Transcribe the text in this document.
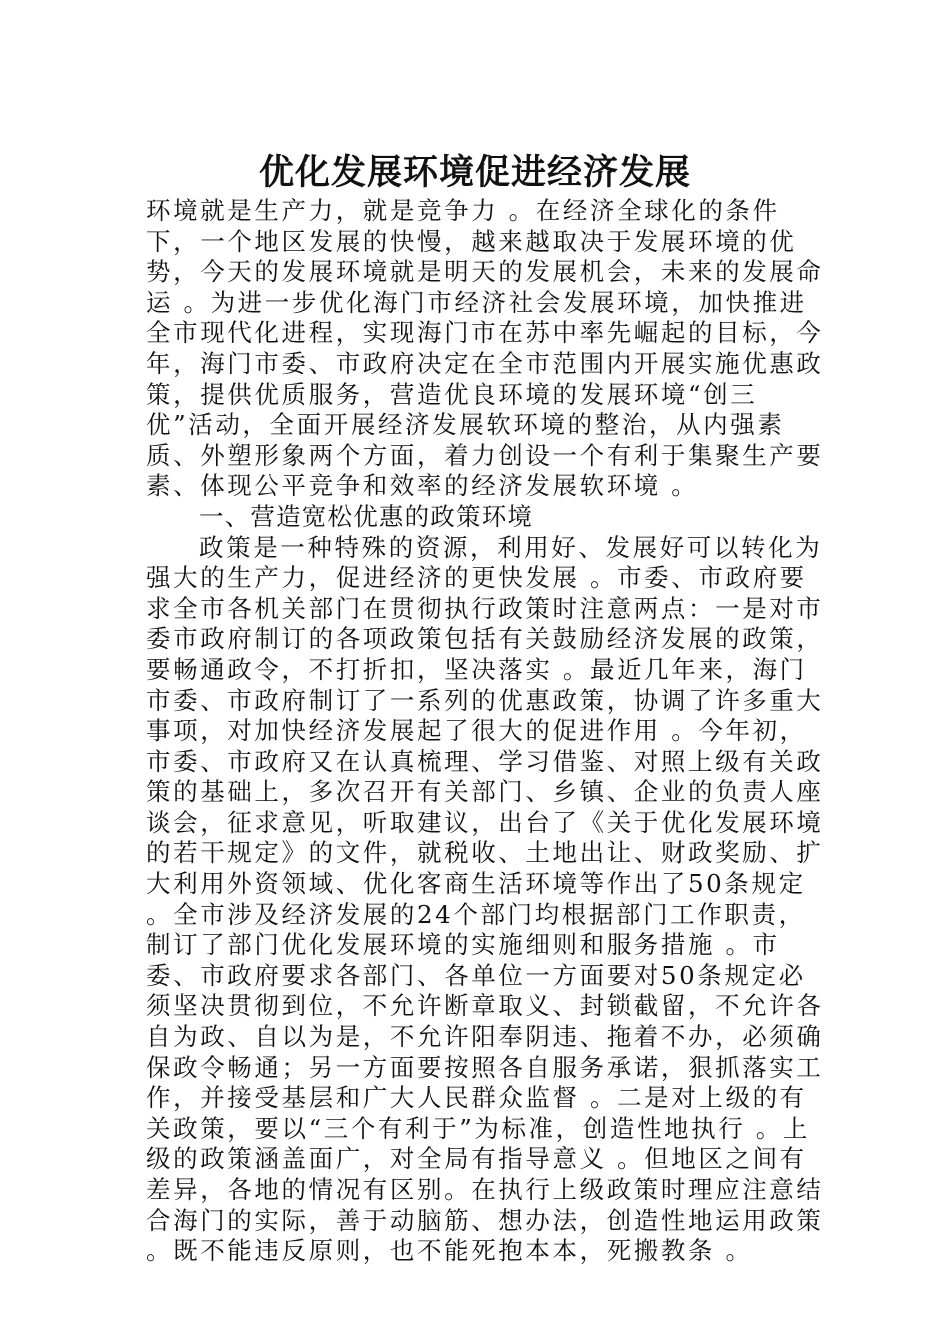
优化发展环境促进经济发展

环境就是生产力，就是竞争力 。在经济全球化的条件下，一个地区发展的快慢，越来越取决于发展环境的优势，今天的发展环境就是明天的发展机会，未来的发展命运 。为进一步优化海门市经济社会发展环境，加快推进全市现代化进程，实现海门市在苏中率先崛起的目标，今年，海门市委、市政府决定在全市范围内开展实施优惠政策，提供优质服务，营造优良环境的发展环境“创三优”活动，全面开展经济发展软环境的整治，从内强素质、外塑形象两个方面，着力创设一个有利于集聚生产要素、体现公平竞争和效率的经济发展软环境 。

一、营造宽松优惠的政策环境

政策是一种特殊的资源，利用好、发展好可以转化为强大的生产力，促进经济的更快发展 。市委、市政府要求全市各机关部门在贯彻执行政策时注意两点：一是对市委市政府制订的各项政策包括有关鼓励经济发展的政策，要畅通政令，不打折扣，坚决落实 。最近几年来，海门市委、市政府制订了一系列的优惠政策，协调了许多重大事项，对加快经济发展起了很大的促进作用 。今年初，市委、市政府又在认真梳理、学习借鉴、对照上级有关政策的基础上，多次召开有关部门、乡镇、企业的负责人座谈会，征求意见，听取建议，出台了《关于优化发展环境的若干规定》的文件，就税收、土地出让、财政奖励、扩大利用外资领域、优化客商生活环境等作出了50条规定 。全市涉及经济发展的24个部门均根据部门工作职责，制订了部门优化发展环境的实施细则和服务措施 。市委、市政府要求各部门、各单位一方面要对50条规定必须坚决贯彻到位，不允许断章取义、封锁截留，不允许各自为政、自以为是，不允许阳奉阴违、拖着不办，必须确保政令畅通；另一方面要按照各自服务承诺，狠抓落实工作，并接受基层和广大人民群众监督 。二是对上级的有关政策，要以“三个有利于”为标准，创造性地执行 。上级的政策涵盖面广，对全局有指导意义 。但地区之间有差异，各地的情况有区别。在执行上级政策时理应注意结合海门的实际，善于动脑筋、想办法，创造性地运用政策 。既不能违反原则，也不能死抱本本，死搬教条 。
